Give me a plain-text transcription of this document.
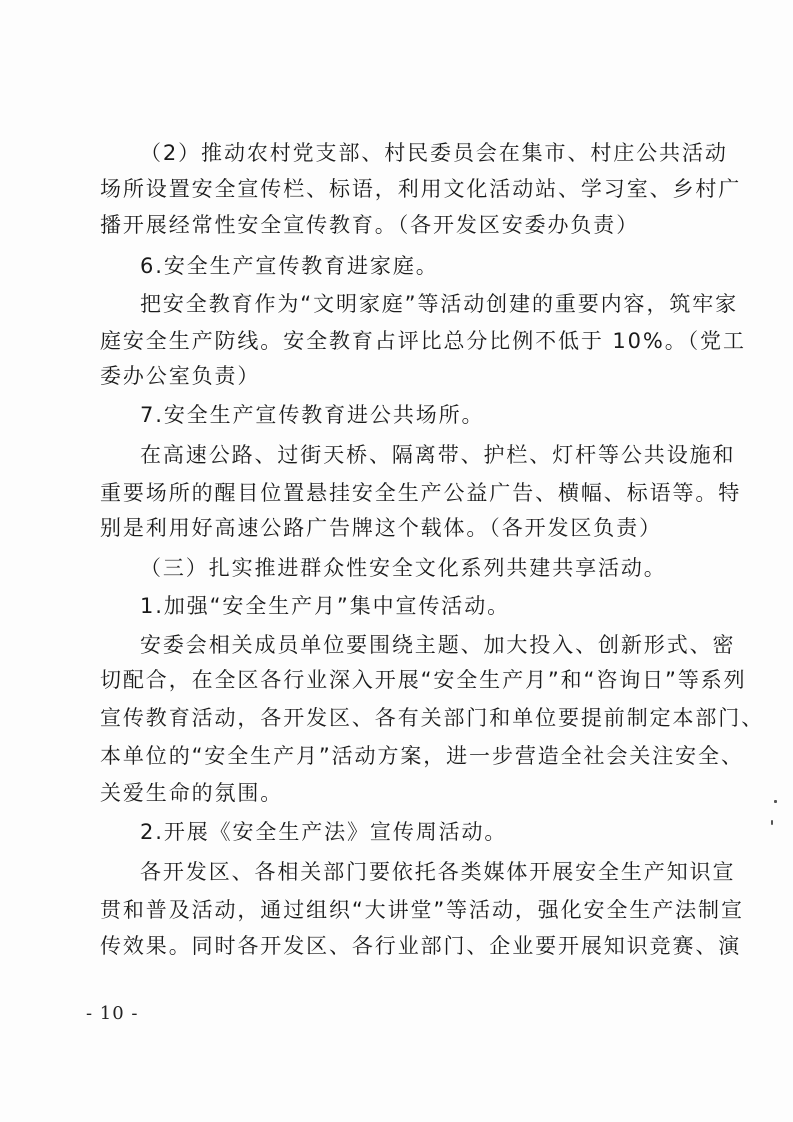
（2）推动农村党支部、村民委员会在集市、村庄公共活动
场所设置安全宣传栏、标语，利用文化活动站、学习室、乡村广
播开展经常性安全宣传教育。（各开发区安委办负责）
6.安全生产宣传教育进家庭。
把安全教育作为“文明家庭”等活动创建的重要内容，筑牢家
庭安全生产防线。安全教育占评比总分比例不低于 10%。（党工
委办公室负责）
7.安全生产宣传教育进公共场所。
在高速公路、过街天桥、隔离带、护栏、灯杆等公共设施和
重要场所的醒目位置悬挂安全生产公益广告、横幅、标语等。特
别是利用好高速公路广告牌这个载体。（各开发区负责）
（三）扎实推进群众性安全文化系列共建共享活动。
1.加强“安全生产月”集中宣传活动。
安委会相关成员单位要围绕主题、加大投入、创新形式、密
切配合，在全区各行业深入开展“安全生产月”和“咨询日”等系列
宣传教育活动，各开发区、各有关部门和单位要提前制定本部门、
本单位的“安全生产月”活动方案，进一步营造全社会关注安全、
关爱生命的氛围。
2.开展《安全生产法》宣传周活动。
各开发区、各相关部门要依托各类媒体开展安全生产知识宣
贯和普及活动，通过组织“大讲堂”等活动，强化安全生产法制宣
传效果。同时各开发区、各行业部门、企业要开展知识竞赛、演
- 10 -
